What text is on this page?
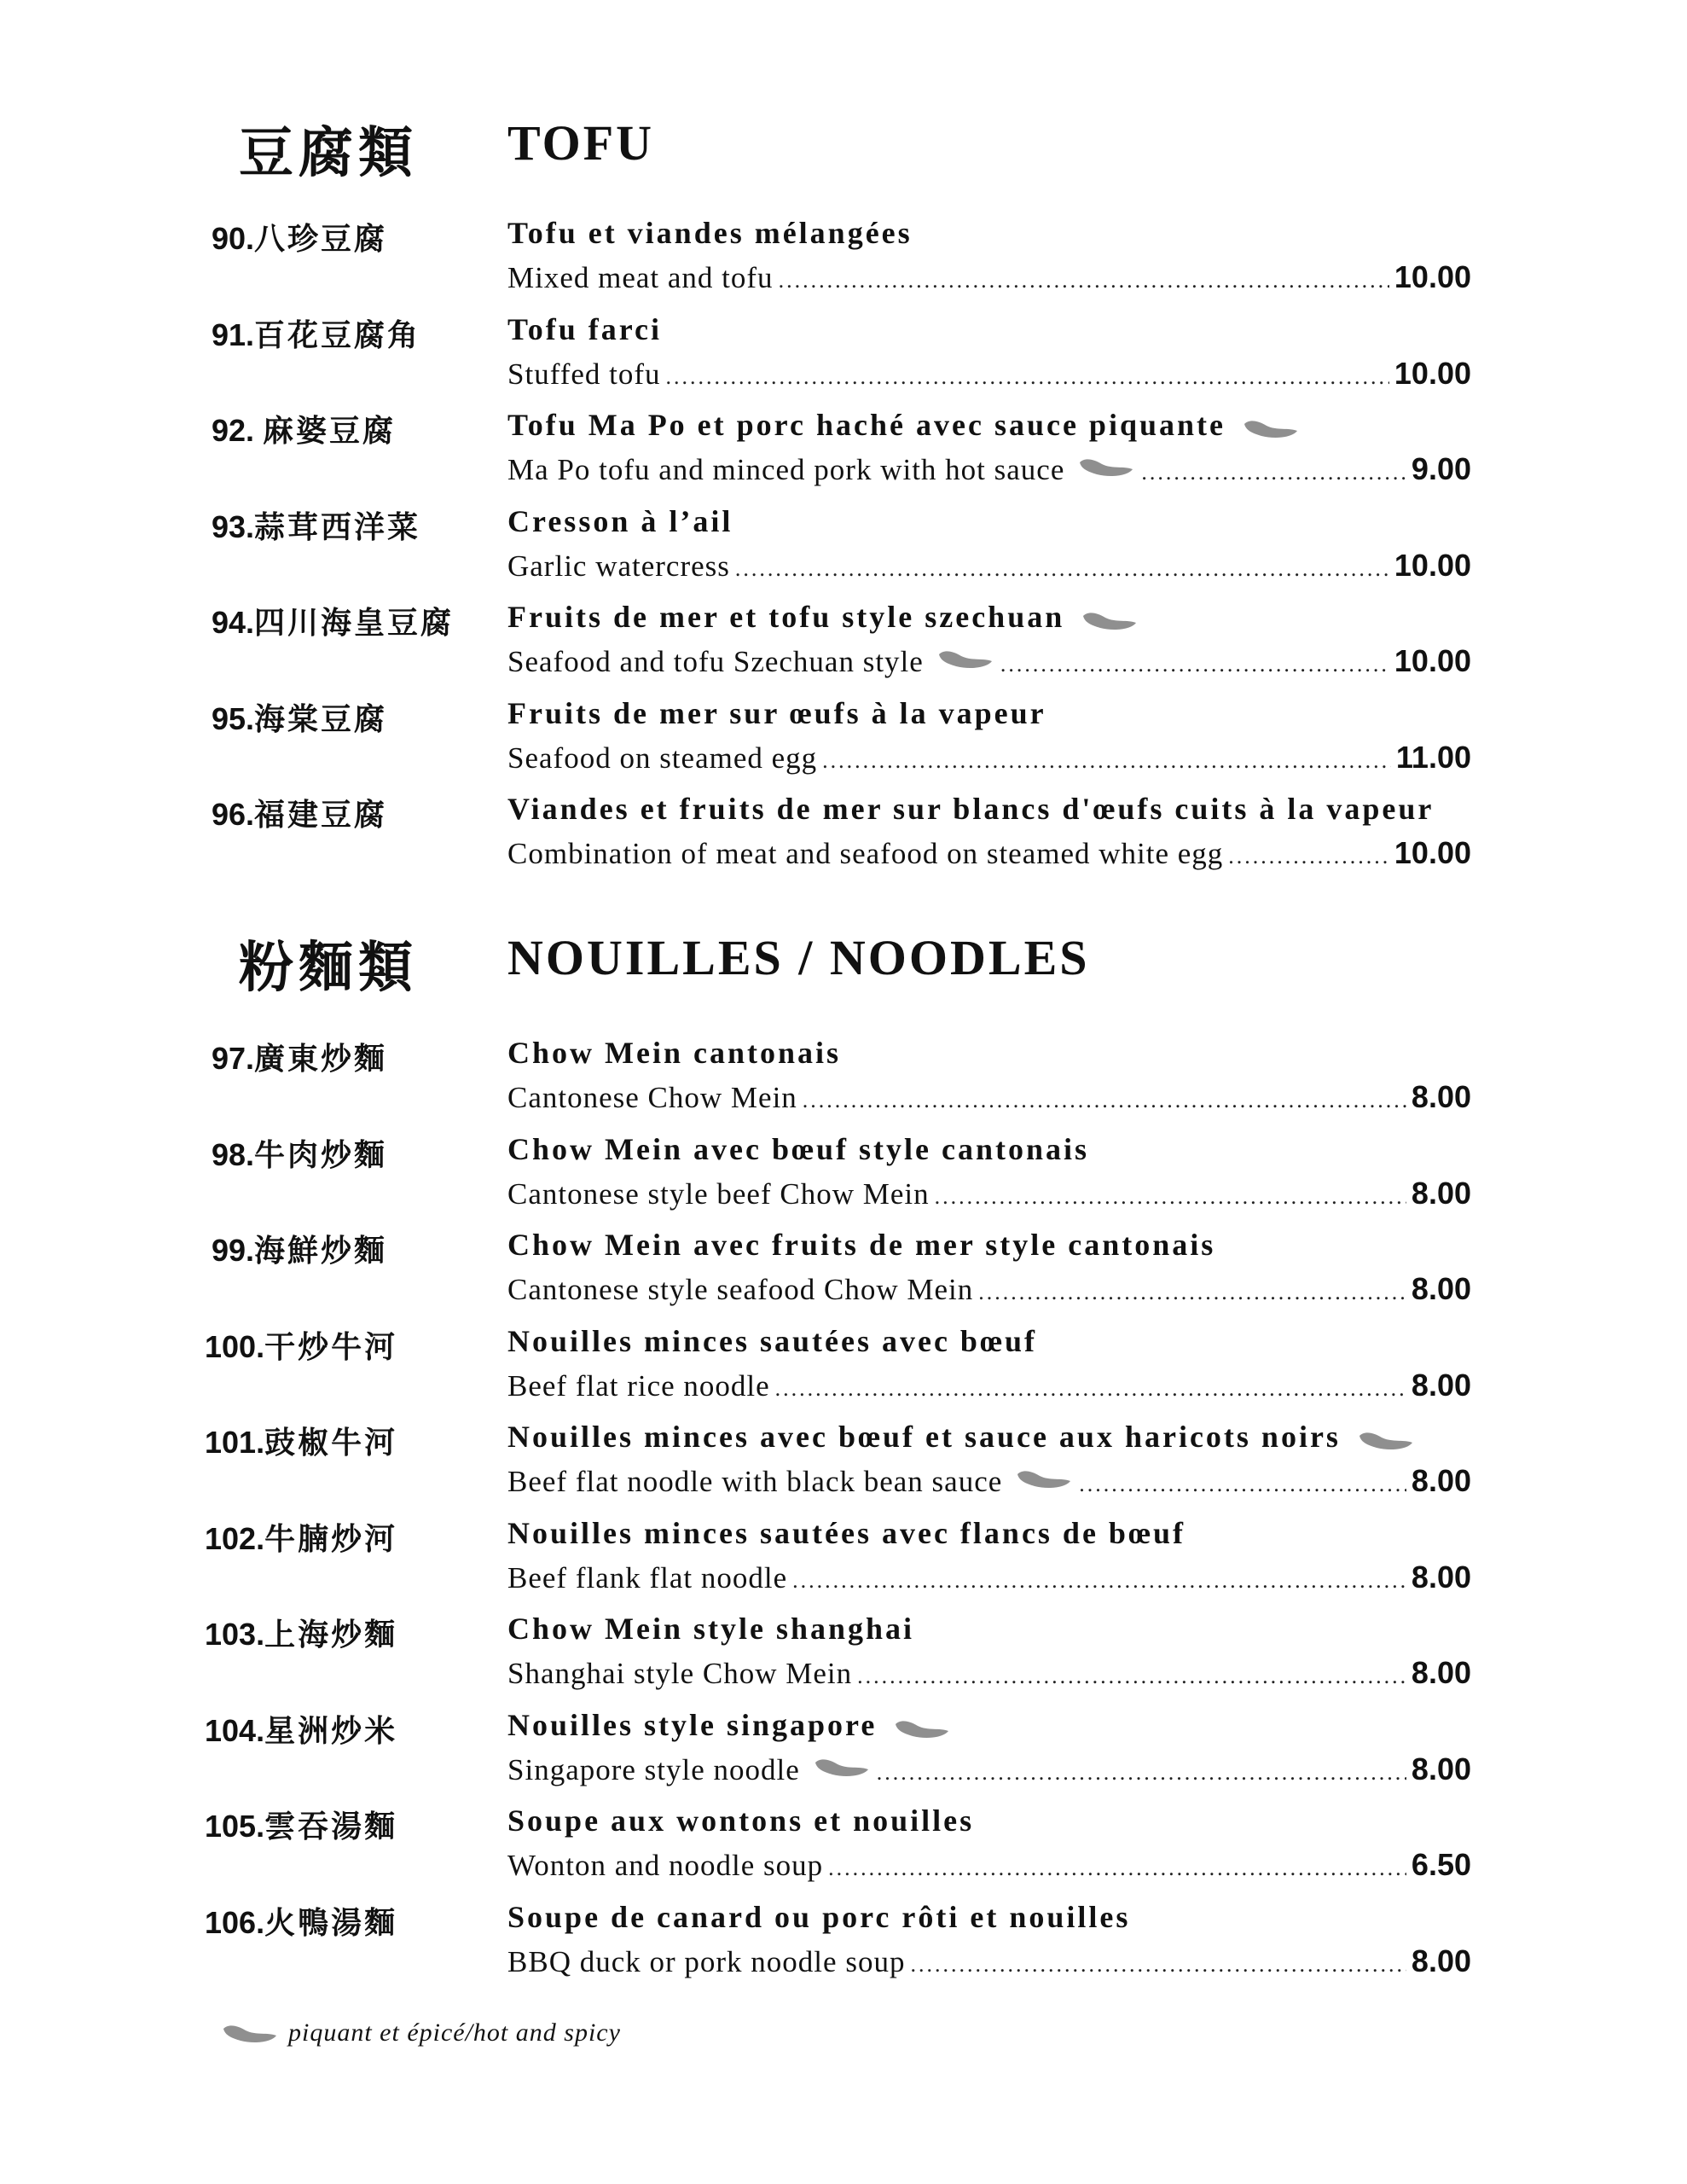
豆腐類 TOFU
粉麵類 NOUILLES / NOODLES
90.八珍豆腐	Tofu et viandes mélangées
Mixed meat and tofu .....	10.00
91.百花豆腐角	Tofu farci
Stuffed tofu .....	10.00
92. 麻婆豆腐	Tofu Ma Po et porc haché avec sauce piquante
Ma Po tofu and minced pork with hot sauce .....	9.00
93.蒜茸西洋菜	Cresson à l’ail
Garlic watercress .....	10.00
94.四川海皇豆腐 Fruits de mer et tofu style szechuan
Seafood and tofu Szechuan style .....	10.00
95.海棠豆腐	Fruits de mer sur œufs à la vapeur
Seafood on steamed egg .....	11.00
96.福建豆腐	Viandes et fruits de mer sur blancs d'œufs cuits à la vapeur
Combination of meat and seafood on steamed white egg .....	10.00
97.廣東炒麵	Chow Mein cantonais
Cantonese Chow Mein .....	8.00
98.牛肉炒麵	Chow Mein avec bœuf style cantonais
Cantonese style beef Chow Mein .....	8.00
99.海鮮炒麵	Chow Mein avec fruits de mer style cantonais
Cantonese style seafood Chow Mein .....	8.00
100.干炒牛河	Nouilles minces sautées avec bœuf
Beef flat rice noodle .....	8.00
101.豉椒牛河	Nouilles minces avec bœuf et sauce aux haricots noirs
Beef flat noodle with black bean sauce .....	8.00
102.牛腩炒河	Nouilles minces sautées avec flancs de bœuf
Beef flank flat noodle .....	8.00
103.上海炒麵	Chow Mein style shanghai
Shanghai style Chow Mein .....	8.00
104.星洲炒米	Nouilles style singapore
Singapore style noodle .....	8.00
105.雲吞湯麵	Soupe aux wontons et nouilles
Wonton and noodle soup .....	6.50
106.火鴨湯麵	Soupe de canard ou porc rôti et nouilles
BBQ duck or pork noodle soup .....	8.00
piquant et épicé/hot and spicy
